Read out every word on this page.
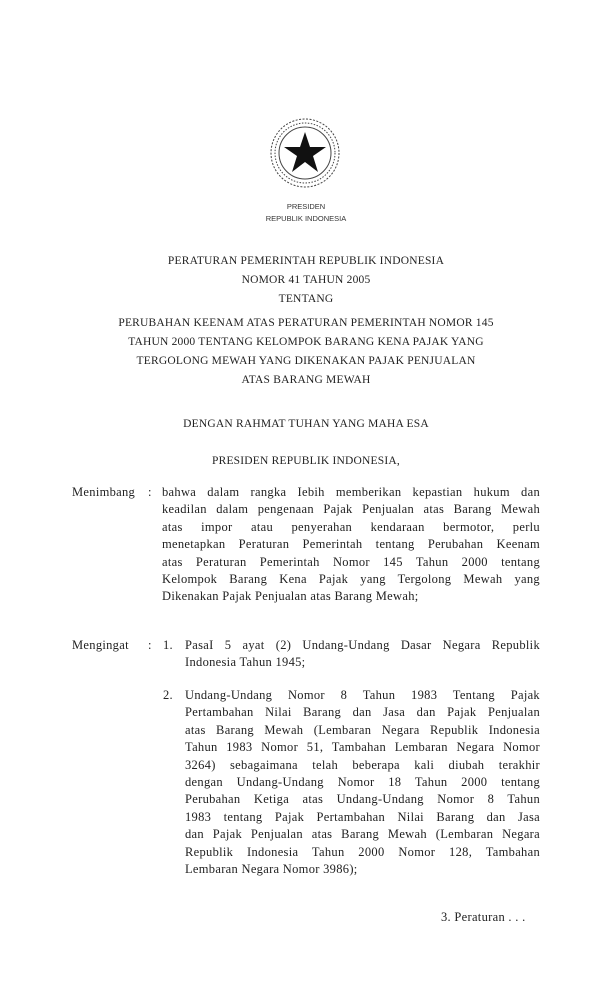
PRESIDEN
REPUBLIK INDONESIA
PERATURAN PEMERINTAH REPUBLIK INDONESIA
NOMOR 41 TAHUN 2005
TENTANG
PERUBAHAN KEENAM ATAS PERATURAN PEMERINTAH NOMOR 145
TAHUN 2000 TENTANG KELOMPOK BARANG KENA PAJAK YANG
TERGOLONG MEWAH YANG DIKENAKAN PAJAK PENJUALAN
ATAS BARANG MEWAH
DENGAN RAHMAT TUHAN YANG MAHA ESA
PRESIDEN REPUBLIK INDONESIA,
Menimbang :
Mengingat :
3. Peraturan . . .
bahwa dalam rangka Iebih memberikan kepastian hukum dan
keadilan dalam pengenaan Pajak Penjualan atas Barang Mewah
atas impor atau penyerahan kendaraan bermotor, perlu
menetapkan Peraturan Pemerintah tentang Perubahan Keenam
atas Peraturan Pemerintah Nomor 145 Tahun 2000 tentang
Kelompok Barang Kena Pajak yang Tergolong Mewah yang
Dikenakan Pajak Penjualan atas Barang Mewah;
1. PasaI 5 ayat (2) Undang-Undang Dasar Negara Republik
Indonesia Tahun 1945;
2. Undang-Undang Nomor 8 Tahun 1983 Tentang Pajak
Pertambahan Nilai Barang dan Jasa dan Pajak Penjualan
atas Barang Mewah (Lembaran Negara Republik Indonesia
Tahun 1983 Nomor 51, Tambahan Lembaran Negara Nomor
3264) sebagaimana telah beberapa kali diubah terakhir
dengan Undang-Undang Nomor 18 Tahun 2000 tentang
Perubahan Ketiga atas Undang-Undang Nomor 8 Tahun
1983 tentang Pajak Pertambahan Nilai Barang dan Jasa
dan Pajak Penjualan atas Barang Mewah (Lembaran Negara
Republik Indonesia Tahun 2000 Nomor 128, Tambahan
Lembaran Negara Nomor 3986);
